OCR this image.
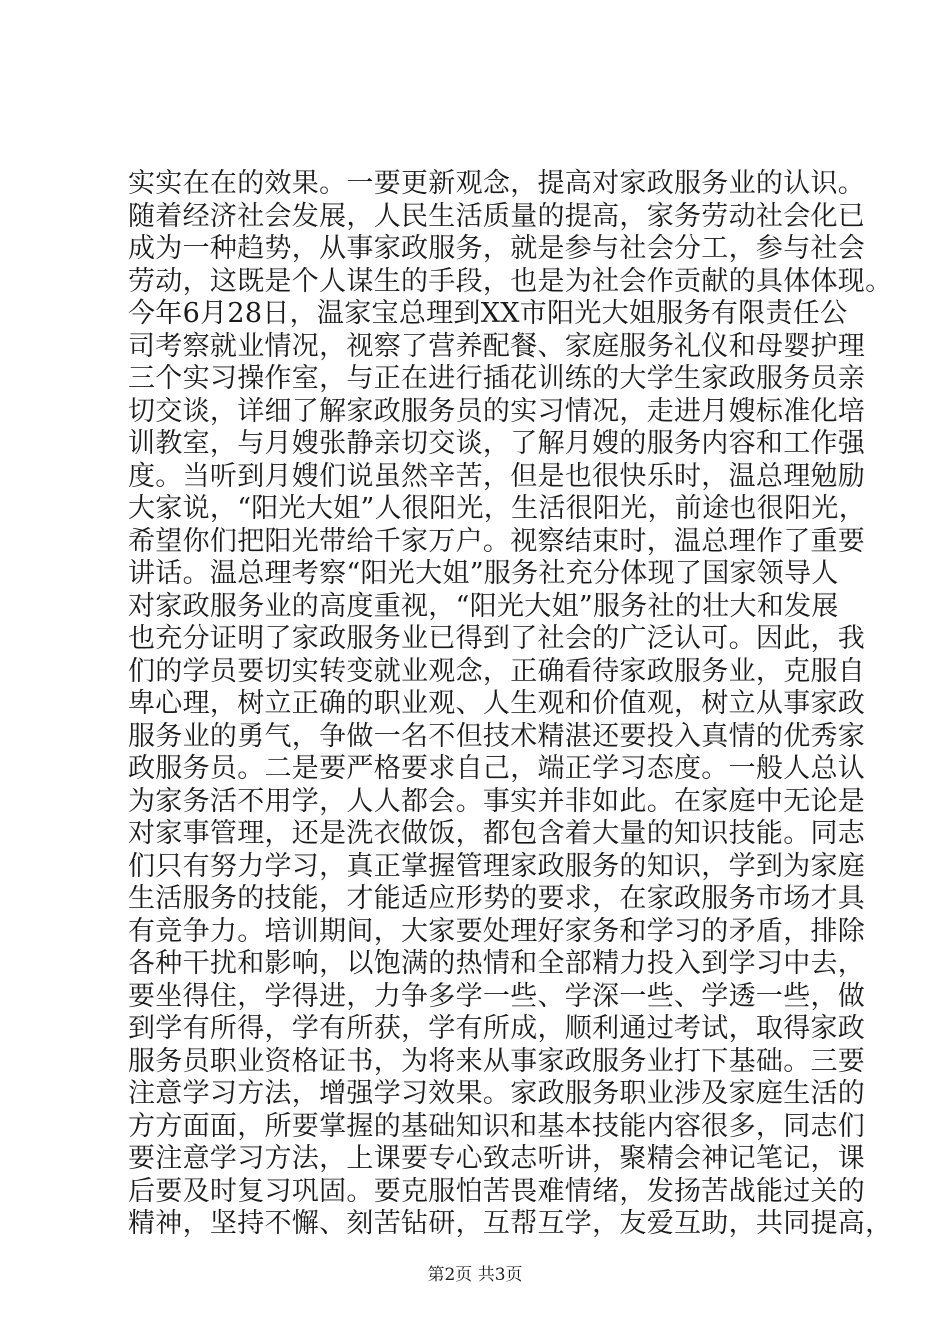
实实在在的效果。一要更新观念，提高对家政服务业的认识。
随着经济社会发展，人民生活质量的提高，家务劳动社会化已
成为一种趋势，从事家政服务，就是参与社会分工，参与社会
劳动，这既是个人谋生的手段，也是为社会作贡献的具体体现。
今年6月28日，温家宝总理到XX市阳光大姐服务有限责任公
司考察就业情况，视察了营养配餐、家庭服务礼仪和母婴护理
三个实习操作室，与正在进行插花训练的大学生家政服务员亲
切交谈，详细了解家政服务员的实习情况，走进月嫂标准化培
训教室，与月嫂张静亲切交谈，了解月嫂的服务内容和工作强
度。当听到月嫂们说虽然辛苦，但是也很快乐时，温总理勉励
大家说，“阳光大姐”人很阳光，生活很阳光，前途也很阳光，
希望你们把阳光带给千家万户。视察结束时，温总理作了重要
讲话。温总理考察“阳光大姐”服务社充分体现了国家领导人
对家政服务业的高度重视，“阳光大姐”服务社的壮大和发展
也充分证明了家政服务业已得到了社会的广泛认可。因此，我
们的学员要切实转变就业观念，正确看待家政服务业，克服自
卑心理，树立正确的职业观、人生观和价值观，树立从事家政
服务业的勇气，争做一名不但技术精湛还要投入真情的优秀家
政服务员。二是要严格要求自己，端正学习态度。一般人总认
为家务活不用学，人人都会。事实并非如此。在家庭中无论是
对家事管理，还是洗衣做饭，都包含着大量的知识技能。同志
们只有努力学习，真正掌握管理家政服务的知识，学到为家庭
生活服务的技能，才能适应形势的要求，在家政服务市场才具
有竞争力。培训期间，大家要处理好家务和学习的矛盾，排除
各种干扰和影响，以饱满的热情和全部精力投入到学习中去，
要坐得住，学得进，力争多学一些、学深一些、学透一些，做
到学有所得，学有所获，学有所成，顺利通过考试，取得家政
服务员职业资格证书，为将来从事家政服务业打下基础。三要
注意学习方法，增强学习效果。家政服务职业涉及家庭生活的
方方面面，所要掌握的基础知识和基本技能内容很多，同志们
要注意学习方法，上课要专心致志听讲，聚精会神记笔记，课
后要及时复习巩固。要克服怕苦畏难情绪，发扬苦战能过关的
精神，坚持不懈、刻苦钻研，互帮互学，友爱互助，共同提高，
第2页 共3页
